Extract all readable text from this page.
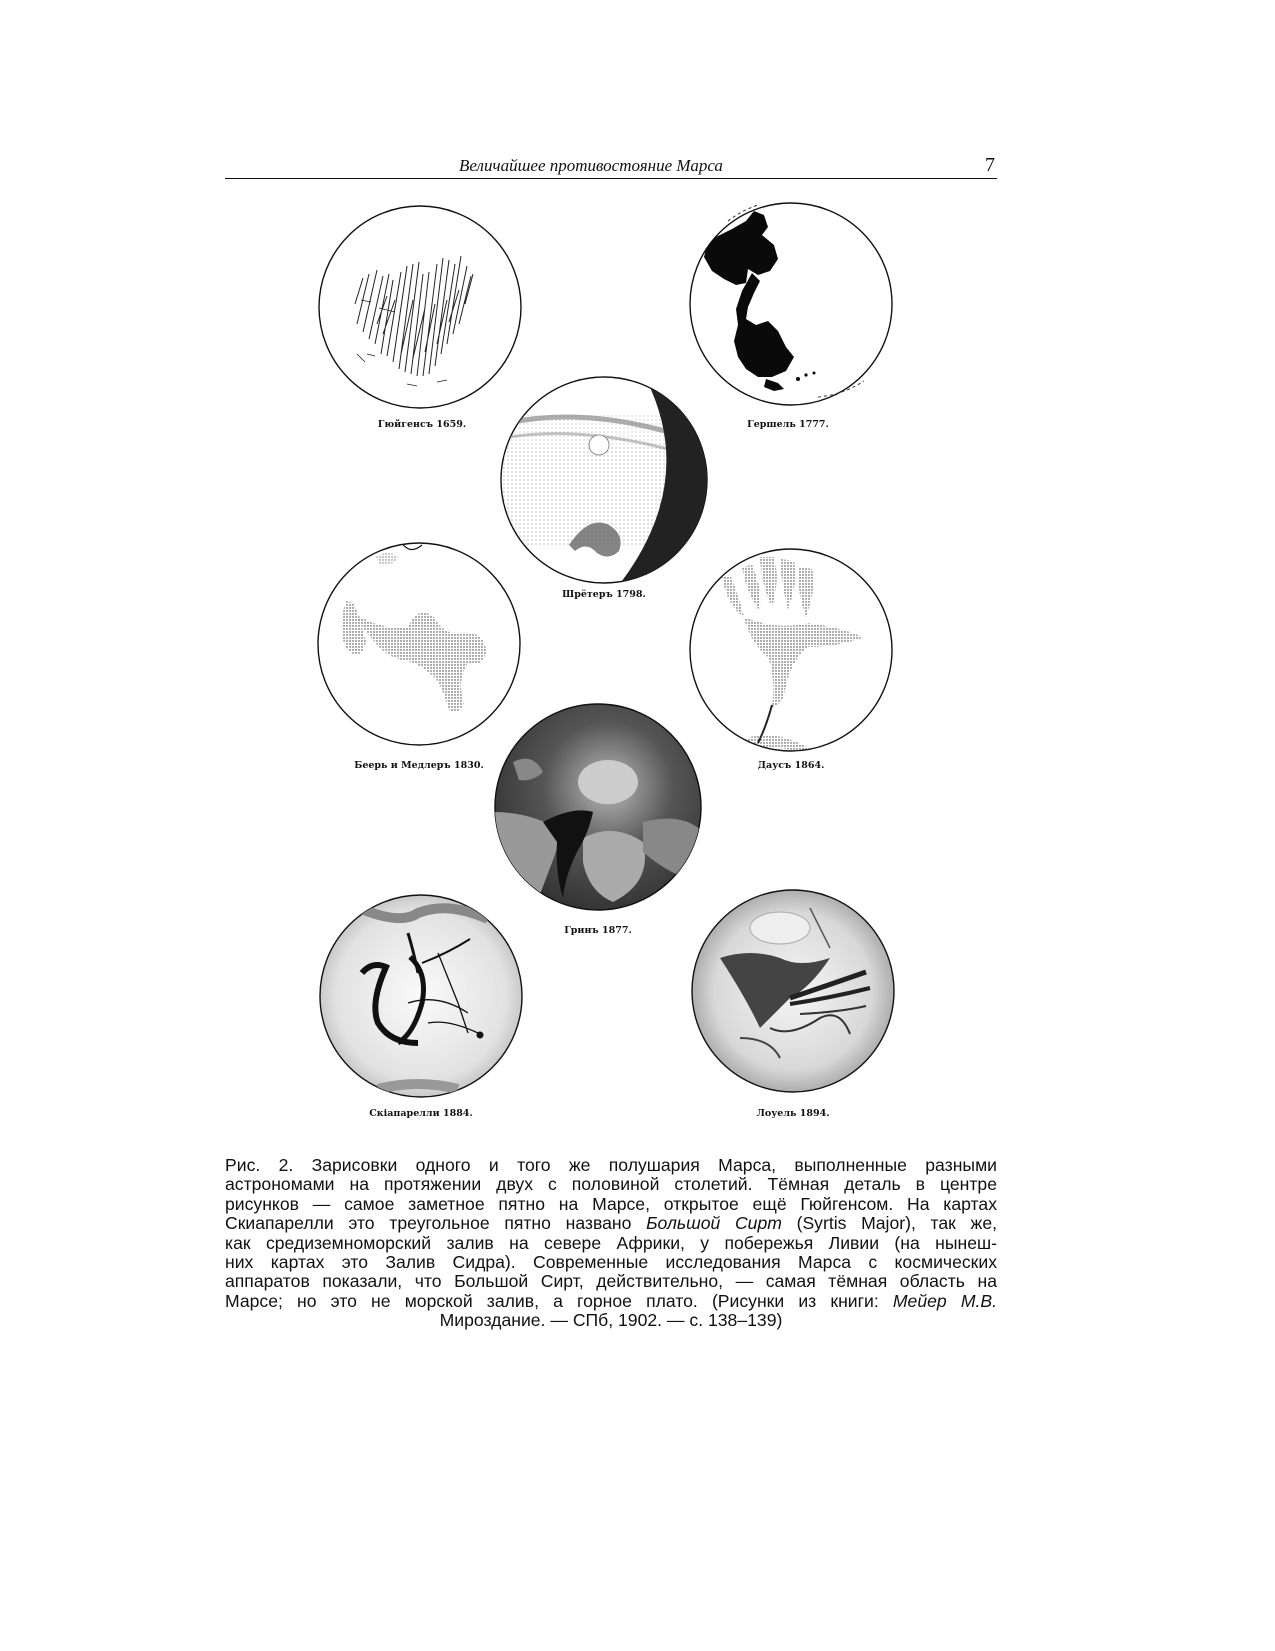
Величайшее противостояние Марса	7
Гюйгенсъ 1659.	Гершель 1777.
Шрётеръ 1798.
Беерь и Медлеръ 1830.	Даусъ 1864.
Гринъ 1877.
Скiапарелли 1884.	Лоуель 1894.
Рис. 2. Зарисовки одного и того же полушария Марса, выполненные разными
астрономами на протяжении двух с половиной столетий. Тёмная деталь в центре
рисунков — самое заметное пятно на Марсе, открытое ещё Гюйгенсом. На картах
Скиапарелли это треугольное пятно названо Большой Сирт (Syrtis Major), так же,
как средиземноморский залив на севере Африки, у побережья Ливии (на нынеш-
них картах это Залив Сидра). Современные исследования Марса с космических
аппаратов показали, что Большой Сирт, действительно, — самая тёмная область на
Марсе; но это не морской залив, а горное плато. (Рисунки из книги: Мейер М.В.
Мироздание. — СПб, 1902. — с. 138–139)
